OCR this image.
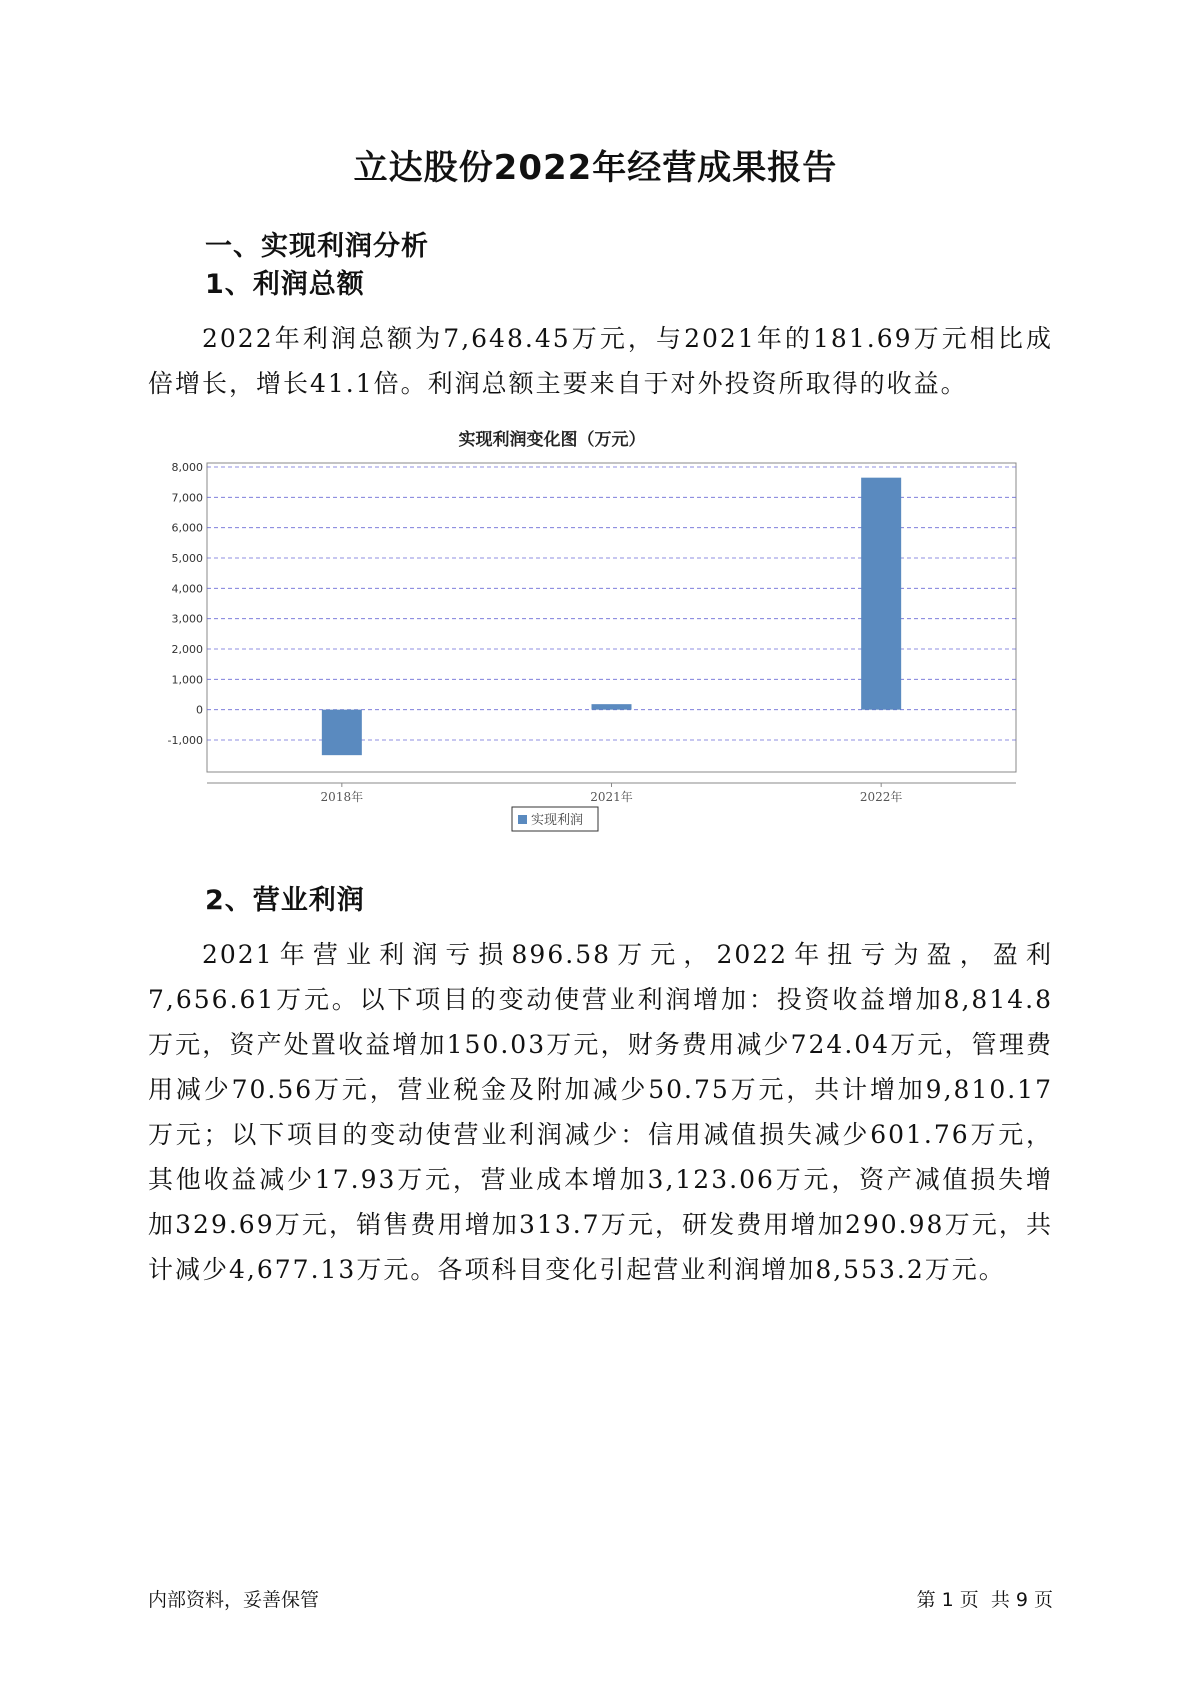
立达股份2022年经营成果报告
一、实现利润分析
1、利润总额

2022年利润总额为7,648.45万元，与2021年的181.69万元相比成倍增长，增长41.1倍。利润总额主要来自于对外投资所取得的收益。

实现利润变化图（万元）
-1,000
0
1,000
2,000
3,000
4,000
5,000
6,000
7,000
8,000
2018年	2021年	2022年
实现利润
2、营业利润

2021年营业利润亏损896.58万元，2022年扭亏为盈，盈利7,656.61万元。以下项目的变动使营业利润增加：投资收益增加8,814.8万元，资产处置收益增加150.03万元，财务费用减少724.04万元，管理费用减少70.56万元，营业税金及附加减少50.75万元，共计增加9,810.17万元；以下项目的变动使营业利润减少：信用减值损失减少601.76万元，其他收益减少17.93万元，营业成本增加3,123.06万元，资产减值损失增加329.69万元，销售费用增加313.7万元，研发费用增加290.98万元，共计减少4,677.13万元。各项科目变化引起营业利润增加8,553.2万元。

内部资料，妥善保管	第 1 页  共 9 页
